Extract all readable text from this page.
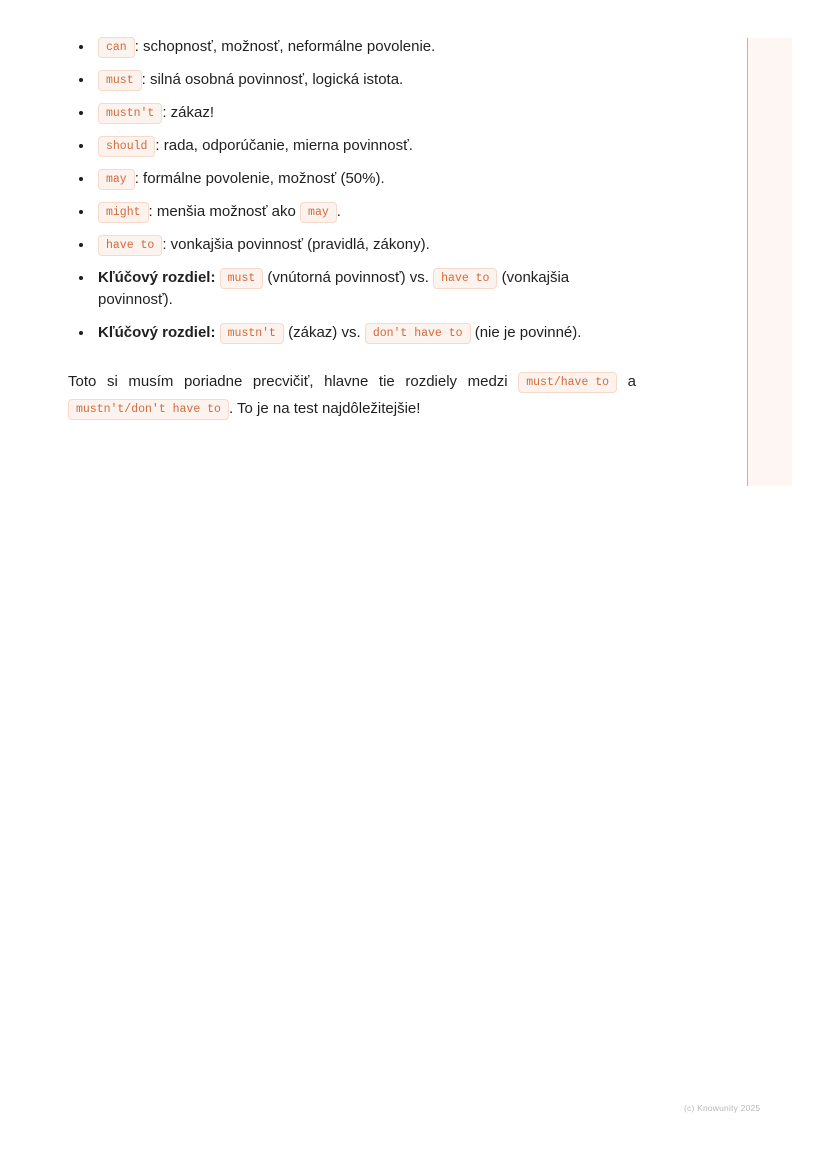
can : schopnosť, možnosť, neformálne povolenie.
must : silná osobná povinnosť, logická istota.
mustn't : zákaz!
should : rada, odporúčanie, mierna povinnosť.
may : formálne povolenie, možnosť (50%).
might : menšia možnosť ako may .
have to : vonkajšia povinnosť (pravidlá, zákony).
Kľúčový rozdiel: must (vnútorná povinnosť) vs. have to (vonkajšia povinnosť).
Kľúčový rozdiel: mustn't (zákaz) vs. don't have to (nie je povinné).

Toto si musím poriadne precvičiť, hlavne tie rozdiely medzi must/have to a mustn't/don't have to . To je na test najdôležitejšie!

(c) Knowunity 2025
